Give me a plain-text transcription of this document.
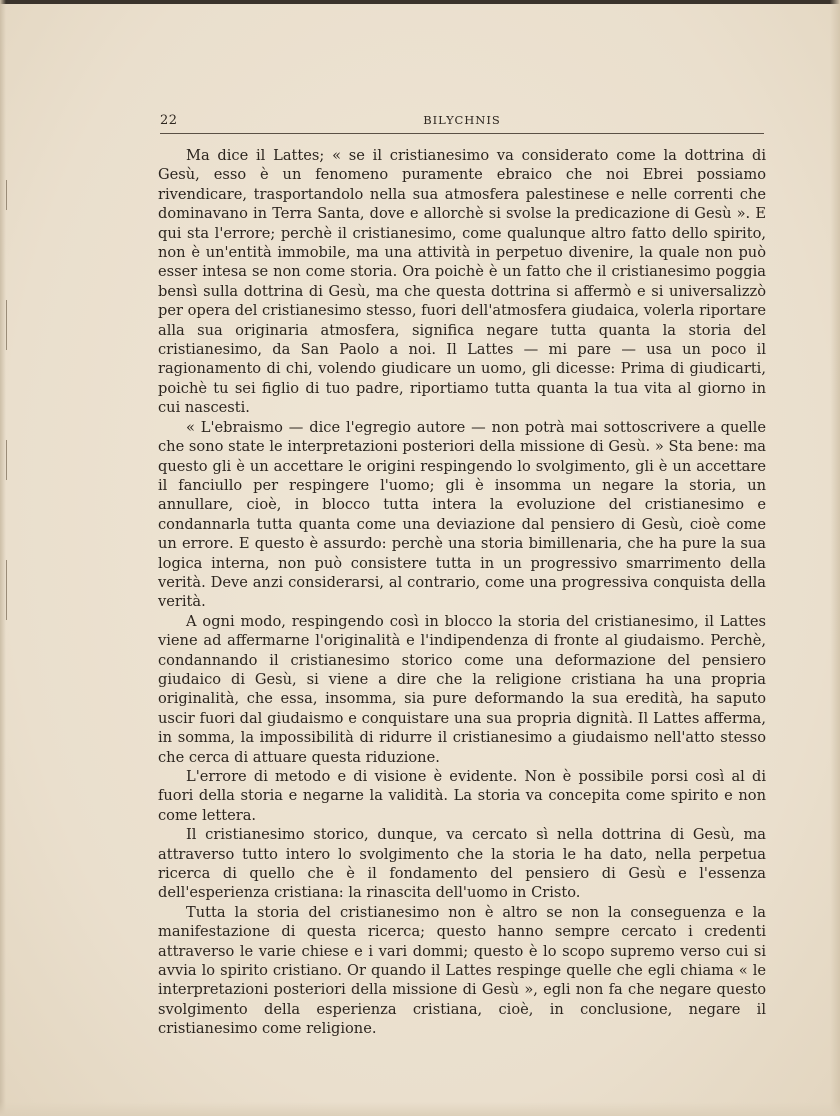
22	BILYCHNIS

Ma dice il Lattes; « se il cristianesimo va considerato come la dottrina di Gesù, esso è un fenomeno puramente ebraico che noi Ebrei possiamo rivendicare, trasportandolo nella sua atmosfera palestinese e nelle correnti che dominavano in Terra Santa, dove e allorchè si svolse la predicazione di Gesù ». E qui sta l'errore; perchè il cristianesimo, come qualunque altro fatto dello spirito, non è un'entità immobile, ma una attività in perpetuo divenire, la quale non può esser intesa se non come storia. Ora poichè è un fatto che il cristianesimo poggia bensì sulla dottrina di Gesù, ma che questa dottrina si affermò e si universalizzò per opera del cristianesimo stesso, fuori dell'atmosfera giudaica, volerla riportare alla sua originaria atmosfera, significa negare tutta quanta la storia del cristianesimo, da San Paolo a noi. Il Lattes — mi pare — usa un poco il ragionamento di chi, volendo giudicare un uomo, gli dicesse: Prima di giudicarti, poichè tu sei figlio di tuo padre, riportiamo tutta quanta la tua vita al giorno in cui nascesti.

« L'ebraismo — dice l'egregio autore — non potrà mai sottoscrivere a quelle che sono state le interpretazioni posteriori della missione di Gesù. » Sta bene: ma questo gli è un accettare le origini respingendo lo svolgimento, gli è un accettare il fanciullo per respingere l'uomo; gli è insomma un negare la storia, un annullare, cioè, in blocco tutta intera la evoluzione del cristianesimo e condannarla tutta quanta come una deviazione dal pensiero di Gesù, cioè come un errore. E questo è assurdo: perchè una storia bimillenaria, che ha pure la sua logica interna, non può consistere tutta in un progressivo smarrimento della verità. Deve anzi considerarsi, al contrario, come una progressiva conquista della verità.

A ogni modo, respingendo così in blocco la storia del cristianesimo, il Lattes viene ad affermarne l'originalità e l'indipendenza di fronte al giudaismo. Perchè, condannando il cristianesimo storico come una deformazione del pensiero giudaico di Gesù, si viene a dire che la religione cristiana ha una propria originalità, che essa, insomma, sia pure deformando la sua eredità, ha saputo uscir fuori dal giudaismo e conquistare una sua propria dignità. Il Lattes afferma, in somma, la impossibilità di ridurre il cristianesimo a giudaismo nell'atto stesso che cerca di attuare questa riduzione.

L'errore di metodo e di visione è evidente. Non è possibile porsi così al di fuori della storia e negarne la validità. La storia va concepita come spirito e non come lettera.

Il cristianesimo storico, dunque, va cercato sì nella dottrina di Gesù, ma attraverso tutto intero lo svolgimento che la storia le ha dato, nella perpetua ricerca di quello che è il fondamento del pensiero di Gesù e l'essenza dell'esperienza cristiana: la rinascita dell'uomo in Cristo.

Tutta la storia del cristianesimo non è altro se non la conseguenza e la manifestazione di questa ricerca; questo hanno sempre cercato i credenti attraverso le varie chiese e i vari dommi; questo è lo scopo supremo verso cui si avvia lo spirito cristiano. Or quando il Lattes respinge quelle che egli chiama « le interpretazioni posteriori della missione di Gesù », egli non fa che negare questo svolgimento della esperienza cristiana, cioè, in conclusione, negare il cristianesimo come religione.
